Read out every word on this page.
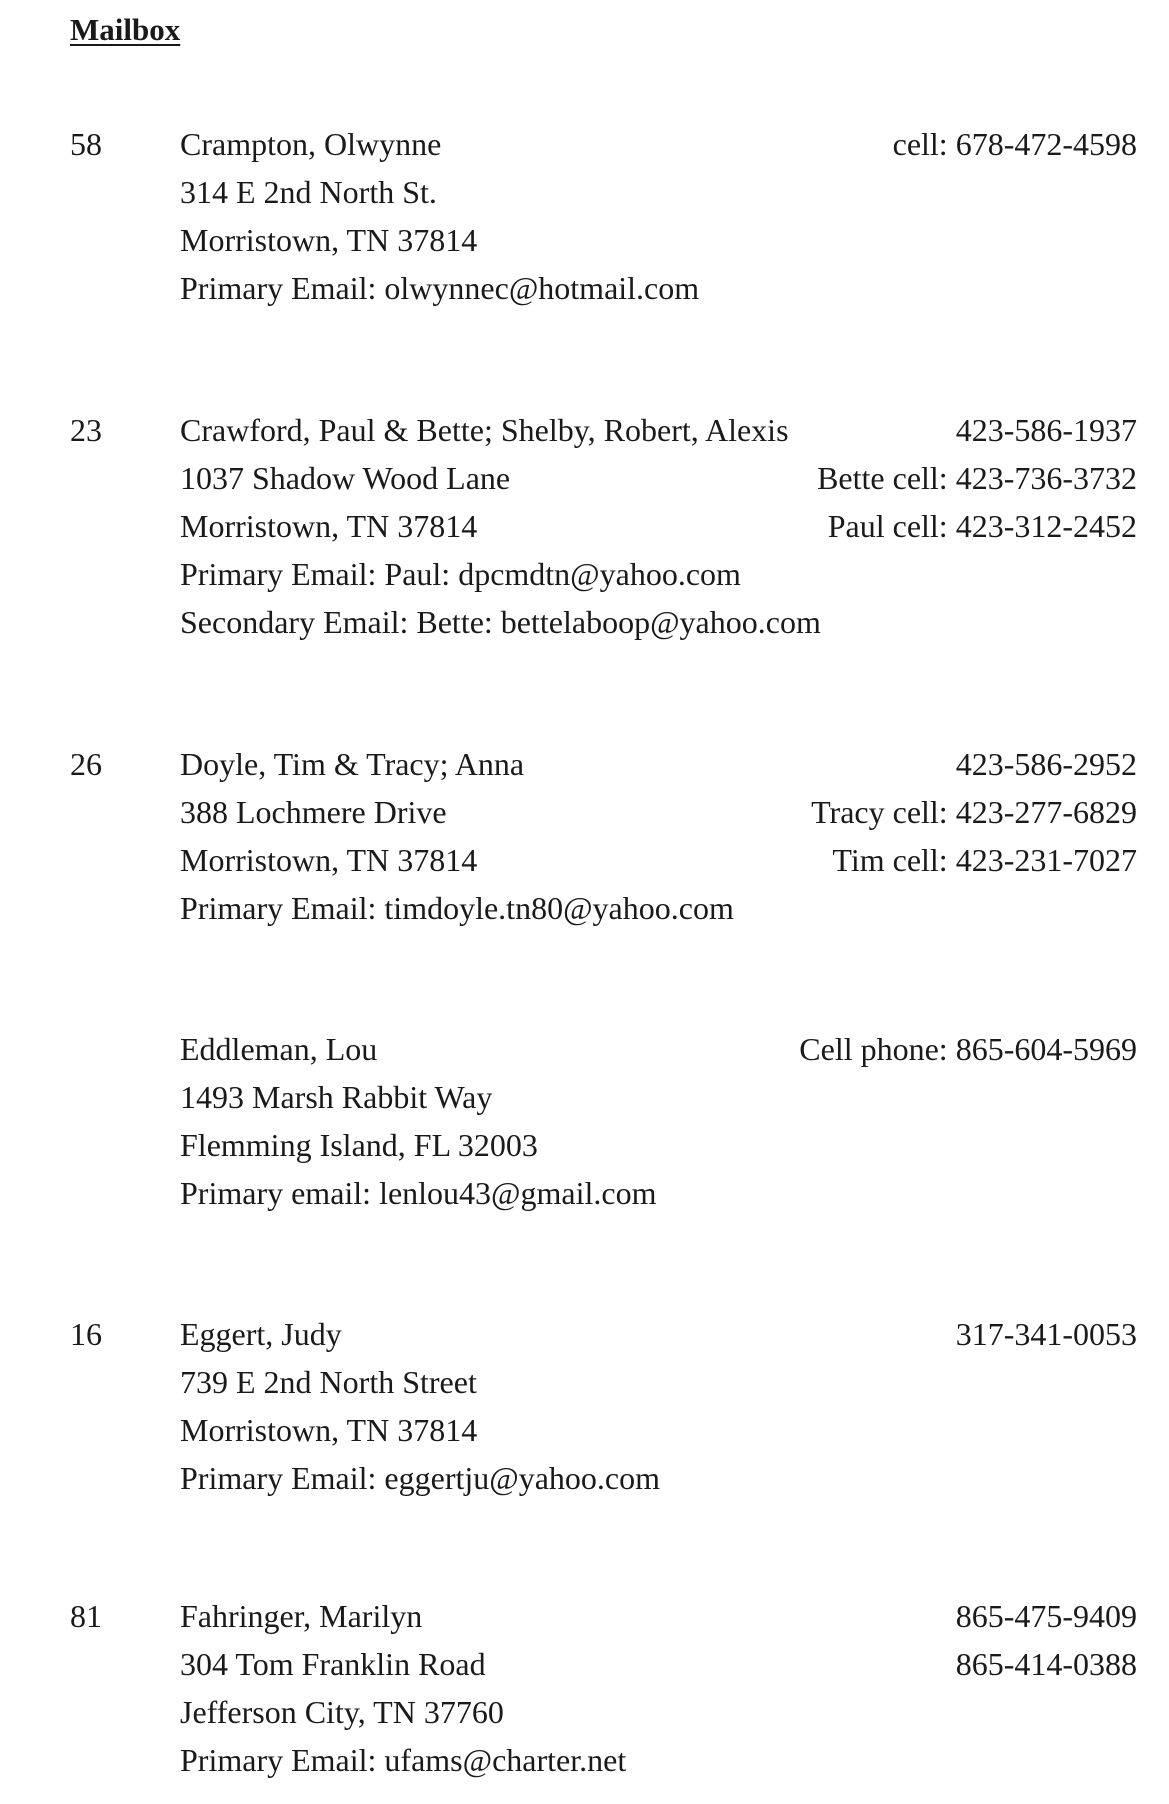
Mailbox
58 Crampton, Olwynne	cell: 678-472-4598
314 E 2nd North St.
Morristown, TN 37814
Primary Email: olwynnec@hotmail.com
23 Crawford, Paul & Bette; Shelby, Robert, Alexis	423-586-1937
1037 Shadow Wood Lane	Bette cell: 423-736-3732
Morristown, TN 37814	Paul cell: 423-312-2452
Primary Email: Paul: dpcmdtn@yahoo.com
Secondary Email: Bette: bettelaboop@yahoo.com
26 Doyle, Tim & Tracy; Anna	423-586-2952
388 Lochmere Drive	Tracy cell: 423-277-6829
Morristown, TN 37814	Tim cell: 423-231-7027
Primary Email: timdoyle.tn80@yahoo.com
Eddleman, Lou	Cell phone: 865-604-5969
1493 Marsh Rabbit Way
Flemming Island, FL 32003
Primary email: lenlou43@gmail.com
16 Eggert, Judy	317-341-0053
739 E 2nd North Street
Morristown, TN 37814
Primary Email: eggertju@yahoo.com
81 Fahringer, Marilyn	865-475-9409
304 Tom Franklin Road	865-414-0388
Jefferson City, TN 37760
Primary Email: ufams@charter.net
